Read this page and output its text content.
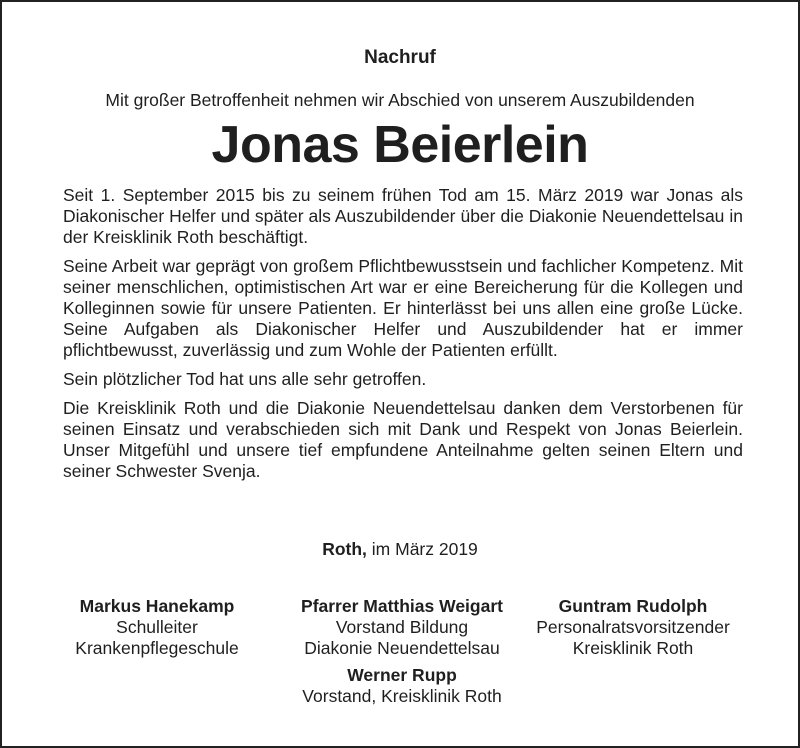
Nachruf
Mit großer Betroffenheit nehmen wir Abschied von unserem Auszubildenden
Jonas Beierlein

Seit 1. September 2015 bis zu seinem frühen Tod am 15. März 2019 war Jonas als Diakonischer Helfer und später als Auszubildender über die Diakonie Neuendettelsau in der Kreisklinik Roth beschäftigt.

Seine Arbeit war geprägt von großem Pflichtbewusstsein und fachlicher Kompetenz. Mit seiner menschlichen, optimistischen Art war er eine Bereicherung für die Kollegen und Kolleginnen sowie für unsere Patienten. Er hinterlässt bei uns allen eine große Lücke. Seine Aufgaben als Diakonischer Helfer und Auszubildender hat er immer pflichtbewusst, zuverlässig und zum Wohle der Patienten erfüllt.

Sein plötzlicher Tod hat uns alle sehr getroffen.

Die Kreisklinik Roth und die Diakonie Neuendettelsau danken dem Verstorbenen für seinen Einsatz und verabschieden sich mit Dank und Respekt von Jonas Beierlein. Unser Mitgefühl und unsere tief empfundene Anteilnahme gelten seinen Eltern und seiner Schwester Svenja.

Roth, im März 2019
Markus Hanekamp
Schulleiter
Krankenpflegeschule
Pfarrer Matthias Weigart
Vorstand Bildung
Diakonie Neuendettelsau
Guntram Rudolph
Personalratsvorsitzender
Kreisklinik Roth
Werner Rupp
Vorstand, Kreisklinik Roth
